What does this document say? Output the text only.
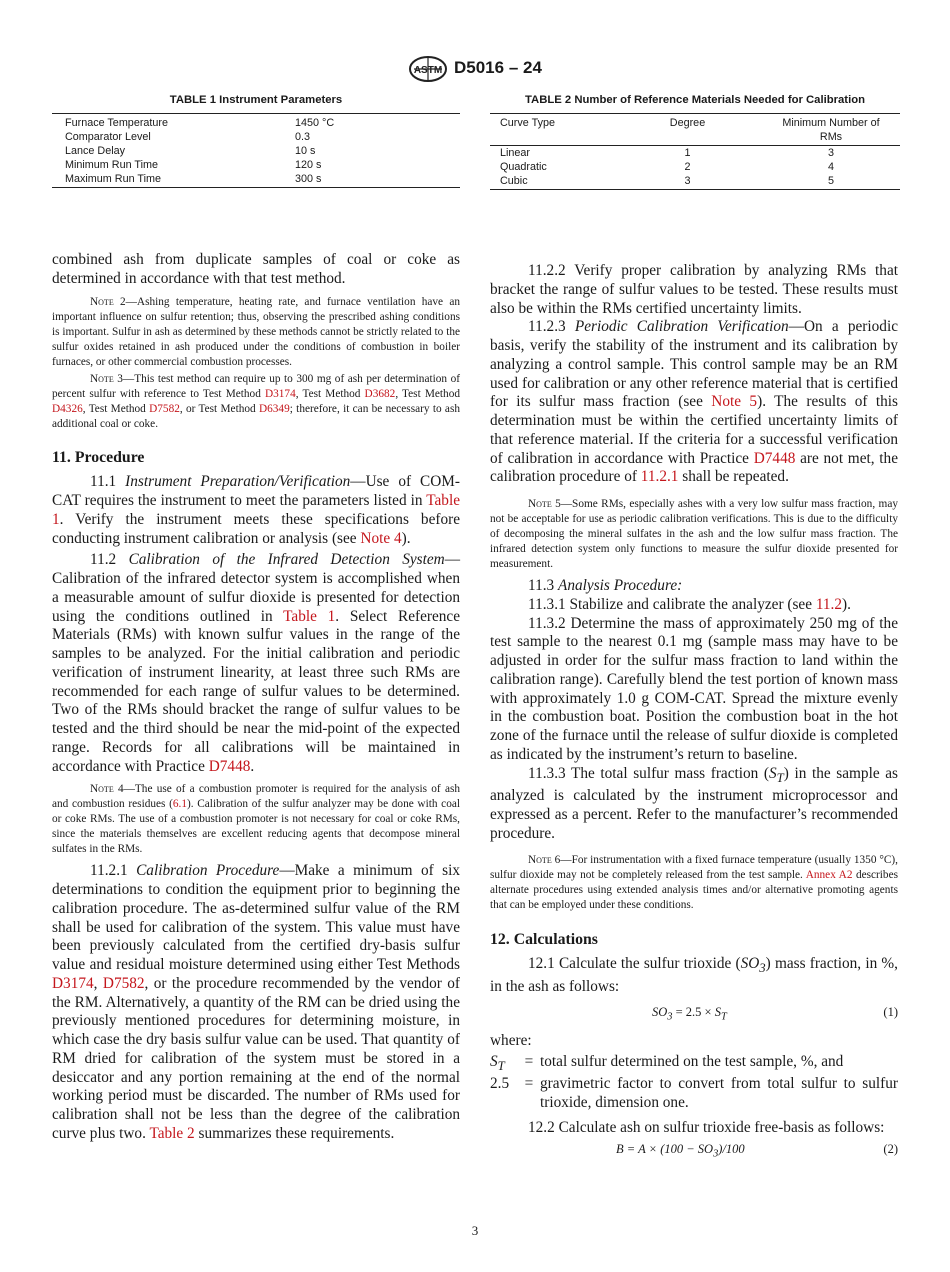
ASTM D5016 – 24
TABLE 1 Instrument Parameters
Furnace Temperature	1450 °C
Comparator Level	0.3
Lance Delay	10 s
Minimum Run Time	120 s
Maximum Run Time	300 s
TABLE 2 Number of Reference Materials Needed for Calibration
Curve Type	Degree	Minimum Number of RMs
Linear	1	3
Quadratic	2	4
Cubic	3	5

combined ash from duplicate samples of coal or coke as determined in accordance with that test method.

Note 2—Ashing temperature, heating rate, and furnace ventilation have an important influence on sulfur retention; thus, observing the prescribed ashing conditions is important. Sulfur in ash as determined by these methods cannot be strictly related to the sulfur oxides retained in ash produced under the conditions of combustion in boiler furnaces, or other commercial combustion processes.

Note 3—This test method can require up to 300 mg of ash per determination of percent sulfur with reference to Test Method D3174, Test Method D3682, Test Method D4326, Test Method D7582, or Test Method D6349; therefore, it can be necessary to ash additional coal or coke.

11. Procedure

11.1 Instrument Preparation/Verification—Use of COM-CAT requires the instrument to meet the parameters listed in Table 1. Verify the instrument meets these specifications before conducting instrument calibration or analysis (see Note 4).

11.2 Calibration of the Infrared Detection System—Calibration of the infrared detector system is accomplished when a measurable amount of sulfur dioxide is presented for detection using the conditions outlined in Table 1. Select Reference Materials (RMs) with known sulfur values in the range of the samples to be analyzed. For the initial calibration and periodic verification of instrument linearity, at least three such RMs are recommended for each range of sulfur values to be determined. Two of the RMs should bracket the range of sulfur values to be tested and the third should be near the mid-point of the expected range. Records for all calibrations will be maintained in accordance with Practice D7448.

Note 4—The use of a combustion promoter is required for the analysis of ash and combustion residues (6.1). Calibration of the sulfur analyzer may be done with coal or coke RMs. The use of a combustion promoter is not necessary for coal or coke RMs, since the materials themselves are excellent reducing agents that decompose mineral sulfates in the RMs.

11.2.1 Calibration Procedure—Make a minimum of six determinations to condition the equipment prior to beginning the calibration procedure. The as-determined sulfur value of the RM shall be used for calibration of the system. This value must have been previously calculated from the certified dry-basis sulfur value and residual moisture determined using either Test Methods D3174, D7582, or the procedure recommended by the vendor of the RM. Alternatively, a quantity of the RM can be dried using the previously mentioned procedures for determining moisture, in which case the dry basis sulfur value can be used. That quantity of RM dried for calibration of the system must be stored in a desiccator and any portion remaining at the end of the normal working period must be discarded. The number of RMs used for calibration shall not be less than the degree of the calibration curve plus two. Table 2 summarizes these requirements.

11.2.2 Verify proper calibration by analyzing RMs that bracket the range of sulfur values to be tested. These results must also be within the RMs certified uncertainty limits.

11.2.3 Periodic Calibration Verification—On a periodic basis, verify the stability of the instrument and its calibration by analyzing a control sample. This control sample may be an RM used for calibration or any other reference material that is certified for its sulfur mass fraction (see Note 5). The results of this determination must be within the certified uncertainty limits of that reference material. If the criteria for a successful verification of calibration in accordance with Practice D7448 are not met, the calibration procedure of 11.2.1 shall be repeated.

Note 5—Some RMs, especially ashes with a very low sulfur mass fraction, may not be acceptable for use as periodic calibration verifications. This is due to the difficulty of decomposing the mineral sulfates in the ash and the low sulfur mass fraction. The infrared detection system only functions to measure the sulfur dioxide presented for measurement.

11.3 Analysis Procedure:

11.3.1 Stabilize and calibrate the analyzer (see 11.2).

11.3.2 Determine the mass of approximately 250 mg of the test sample to the nearest 0.1 mg (sample mass may have to be adjusted in order for the sulfur mass fraction to land within the calibration range). Carefully blend the test portion of known mass with approximately 1.0 g COM-CAT. Spread the mixture evenly in the combustion boat. Position the combustion boat in the hot zone of the furnace until the release of sulfur dioxide is completed as indicated by the instrument’s return to baseline.

11.3.3 The total sulfur mass fraction $(S_T)$ in the sample as analyzed is calculated by the instrument microprocessor and expressed as a percent. Refer to the manufacturer’s recommended procedure.

Note 6—For instrumentation with a fixed furnace temperature (usually 1350 °C), sulfur dioxide may not be completely released from the test sample. Annex A2 describes alternate procedures using extended analysis times and/or alternative promoting agents that can be employed under these conditions.

12. Calculations

12.1 Calculate the sulfur trioxide $(SO_3)$ mass fraction, in %, in the ash as follows:

$SO_3 = 2.5 \times S_T$	(1)

where:

$S_T$	= total sulfur determined on the test sample, %, and
2.5	= gravimetric factor to convert from total sulfur to sulfur trioxide, dimension one.

12.2 Calculate ash on sulfur trioxide free-basis as follows:

$B = A \times (100 - SO_3)/100$	(2)
3
